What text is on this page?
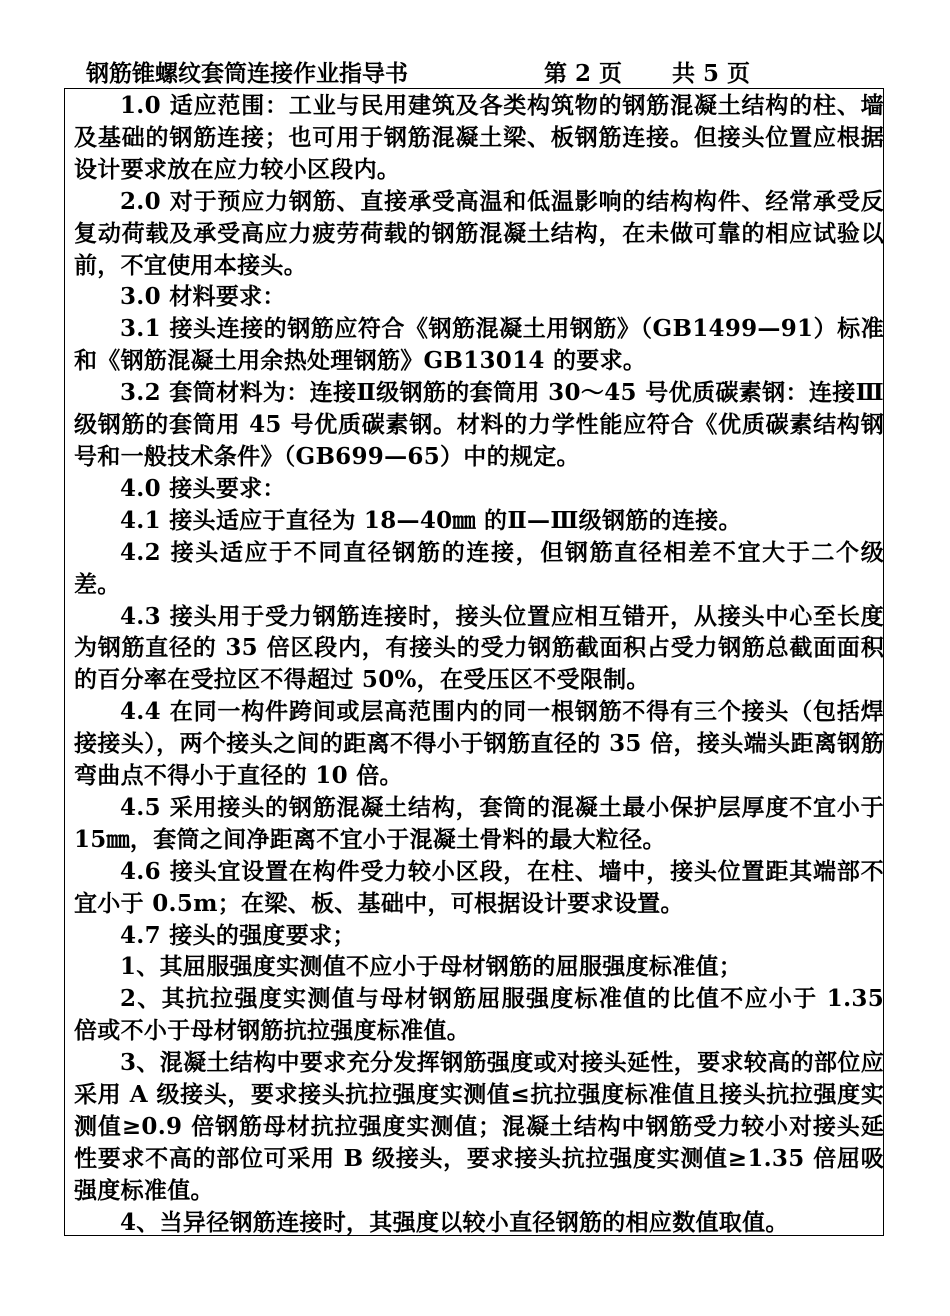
钢筋锥螺纹套筒连接作业指导书	第 2 页 共 5 页

1.0 适应范围：工业与民用建筑及各类构筑物的钢筋混凝土结构的柱、墙及基础的钢筋连接；也可用于钢筋混凝土梁、板钢筋连接。但接头位置应根据设计要求放在应力较小区段内。

2.0 对于预应力钢筋、直接承受高温和低温影响的结构构件、经常承受反复动荷载及承受高应力疲劳荷载的钢筋混凝土结构，在未做可靠的相应试验以前，不宜使用本接头。

3.0 材料要求：

3.1 接头连接的钢筋应符合《钢筋混凝土用钢筋》（GB1499—91）标准和《钢筋混凝土用余热处理钢筋》GB13014 的要求。

3.2 套筒材料为：连接Ⅱ级钢筋的套筒用 30～45 号优质碳素钢：连接Ⅲ级钢筋的套筒用 45 号优质碳素钢。材料的力学性能应符合《优质碳素结构钢号和一般技术条件》（GB699—65）中的规定。

4.0 接头要求：

4.1 接头适应于直径为 18—40㎜ 的Ⅱ—Ⅲ级钢筋的连接。

4.2 接头适应于不同直径钢筋的连接，但钢筋直径相差不宜大于二个级差。

4.3 接头用于受力钢筋连接时，接头位置应相互错开，从接头中心至长度为钢筋直径的 35 倍区段内，有接头的受力钢筋截面积占受力钢筋总截面面积的百分率在受拉区不得超过 50%，在受压区不受限制。

4.4 在同一构件跨间或层高范围内的同一根钢筋不得有三个接头（包括焊接接头），两个接头之间的距离不得小于钢筋直径的 35 倍，接头端头距离钢筋弯曲点不得小于直径的 10 倍。

4.5 采用接头的钢筋混凝土结构，套筒的混凝土最小保护层厚度不宜小于 15㎜，套筒之间净距离不宜小于混凝土骨料的最大粒径。

4.6 接头宜设置在构件受力较小区段，在柱、墙中，接头位置距其端部不宜小于 0.5m；在梁、板、基础中，可根据设计要求设置。

4.7 接头的强度要求；

1、其屈服强度实测值不应小于母材钢筋的屈服强度标准值；

2、其抗拉强度实测值与母材钢筋屈服强度标准值的比值不应小于 1.35 倍或不小于母材钢筋抗拉强度标准值。

3、混凝土结构中要求充分发挥钢筋强度或对接头延性，要求较高的部位应采用 A 级接头，要求接头抗拉强度实测值≤抗拉强度标准值且接头抗拉强度实测值≥0.9 倍钢筋母材抗拉强度实测值；混凝土结构中钢筋受力较小对接头延性要求不高的部位可采用 B 级接头，要求接头抗拉强度实测值≥1.35 倍屈吸强度标准值。

4、当异径钢筋连接时，其强度以较小直径钢筋的相应数值取值。
